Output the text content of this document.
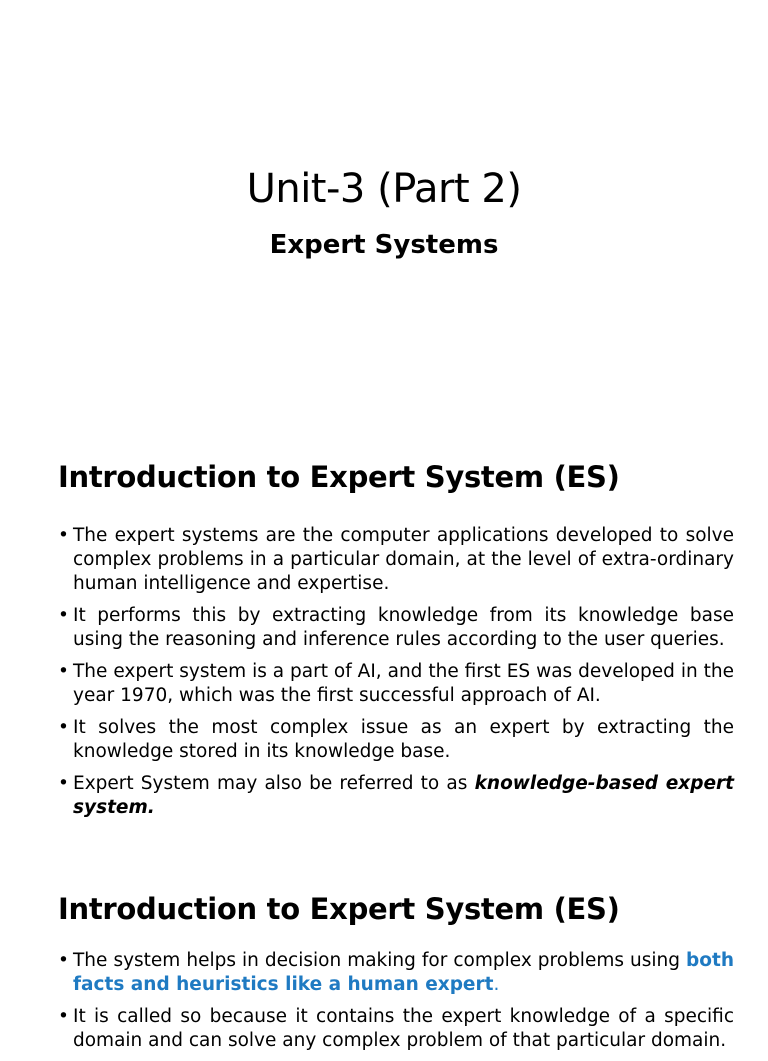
Unit-3 (Part 2)
Expert Systems
Introduction to Expert System (ES)
• The expert systems are the computer applications developed to solve complex problems in a particular domain, at the level of extra-ordinary human intelligence and expertise.
• It performs this by extracting knowledge from its knowledge base using the reasoning and inference rules according to the user queries.
• The expert system is a part of AI, and the first ES was developed in the year 1970, which was the first successful approach of AI.
• It solves the most complex issue as an expert by extracting the knowledge stored in its knowledge base.
• Expert System may also be referred to as knowledge-based expert system.
Introduction to Expert System (ES)
• The system helps in decision making for complex problems using both facts and heuristics like a human expert.
• It is called so because it contains the expert knowledge of a specific domain and can solve any complex problem of that particular domain.
